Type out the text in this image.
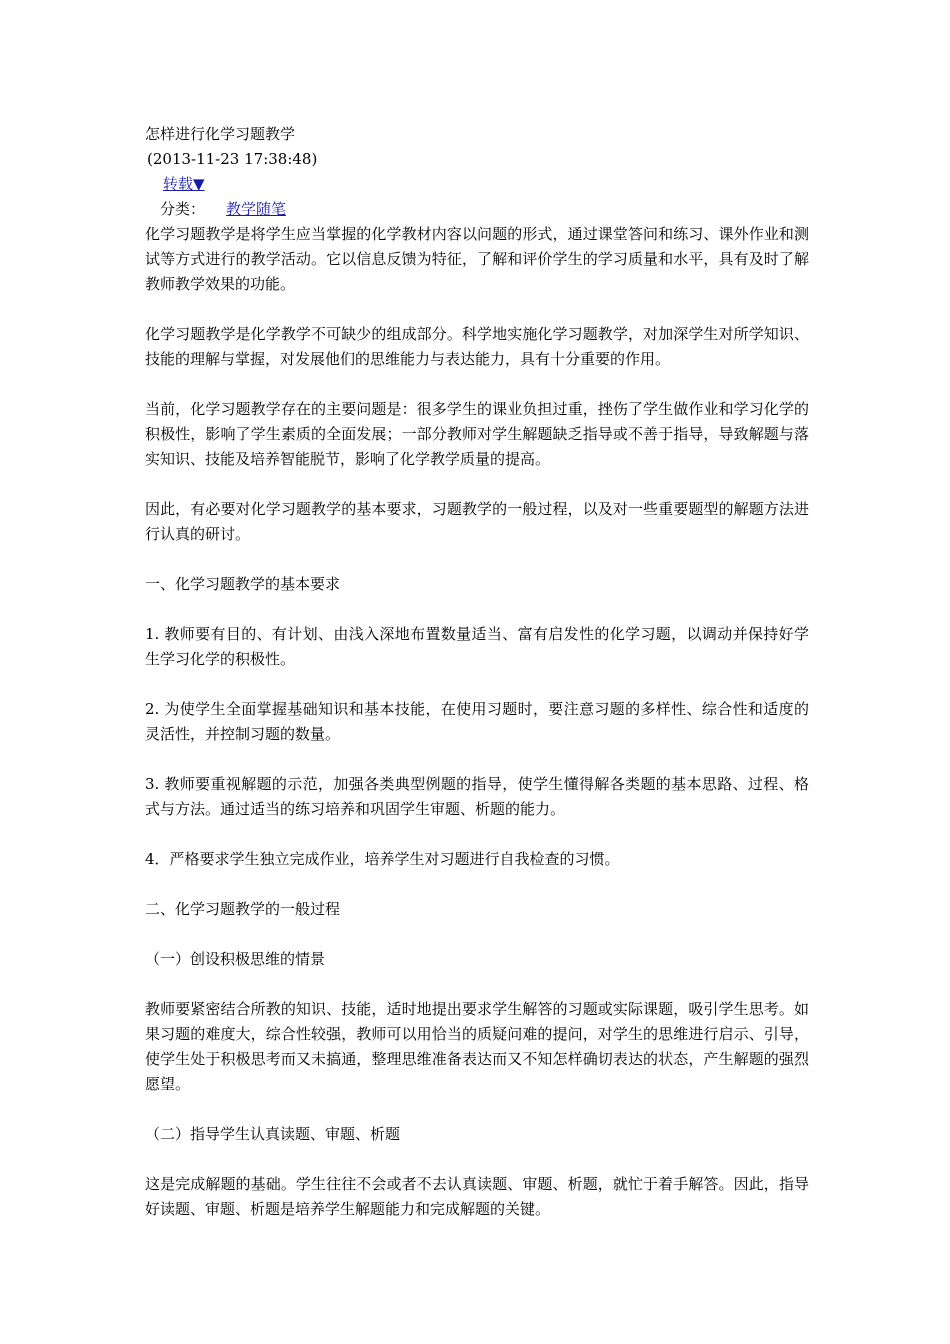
怎样进行化学习题教学
(2013-11-23 17:38:48)
转载▼
分类： 教学随笔

化学习题教学是将学生应当掌握的化学教材内容以问题的形式，通过课堂答问和练习、课外作业和测试等方式进行的教学活动。它以信息反馈为特征，了解和评价学生的学习质量和水平，具有及时了解教师教学效果的功能。

化学习题教学是化学教学不可缺少的组成部分。科学地实施化学习题教学，对加深学生对所学知识、技能的理解与掌握，对发展他们的思维能力与表达能力，具有十分重要的作用。

当前，化学习题教学存在的主要问题是：很多学生的课业负担过重，挫伤了学生做作业和学习化学的积极性，影响了学生素质的全面发展；一部分教师对学生解题缺乏指导或不善于指导，导致解题与落实知识、技能及培养智能脱节，影响了化学教学质量的提高。

因此，有必要对化学习题教学的基本要求，习题教学的一般过程，以及对一些重要题型的解题方法进行认真的研讨。

一、化学习题教学的基本要求

1. 教师要有目的、有计划、由浅入深地布置数量适当、富有启发性的化学习题，以调动并保持好学生学习化学的积极性。

2. 为使学生全面掌握基础知识和基本技能，在使用习题时，要注意习题的多样性、综合性和适度的灵活性，并控制习题的数量。

3. 教师要重视解题的示范，加强各类典型例题的指导，使学生懂得解各类题的基本思路、过程、格式与方法。通过适当的练习培养和巩固学生审题、析题的能力。

4．严格要求学生独立完成作业，培养学生对习题进行自我检查的习惯。

二、化学习题教学的一般过程

（一）创设积极思维的情景

教师要紧密结合所教的知识、技能，适时地提出要求学生解答的习题或实际课题，吸引学生思考。如果习题的难度大，综合性较强，教师可以用恰当的质疑问难的提问，对学生的思维进行启示、引导，使学生处于积极思考而又未搞通，整理思维准备表达而又不知怎样确切表达的状态，产生解题的强烈愿望。

（二）指导学生认真读题、审题、析题

这是完成解题的基础。学生往往不会或者不去认真读题、审题、析题，就忙于着手解答。因此，指导好读题、审题、析题是培养学生解题能力和完成解题的关键。
